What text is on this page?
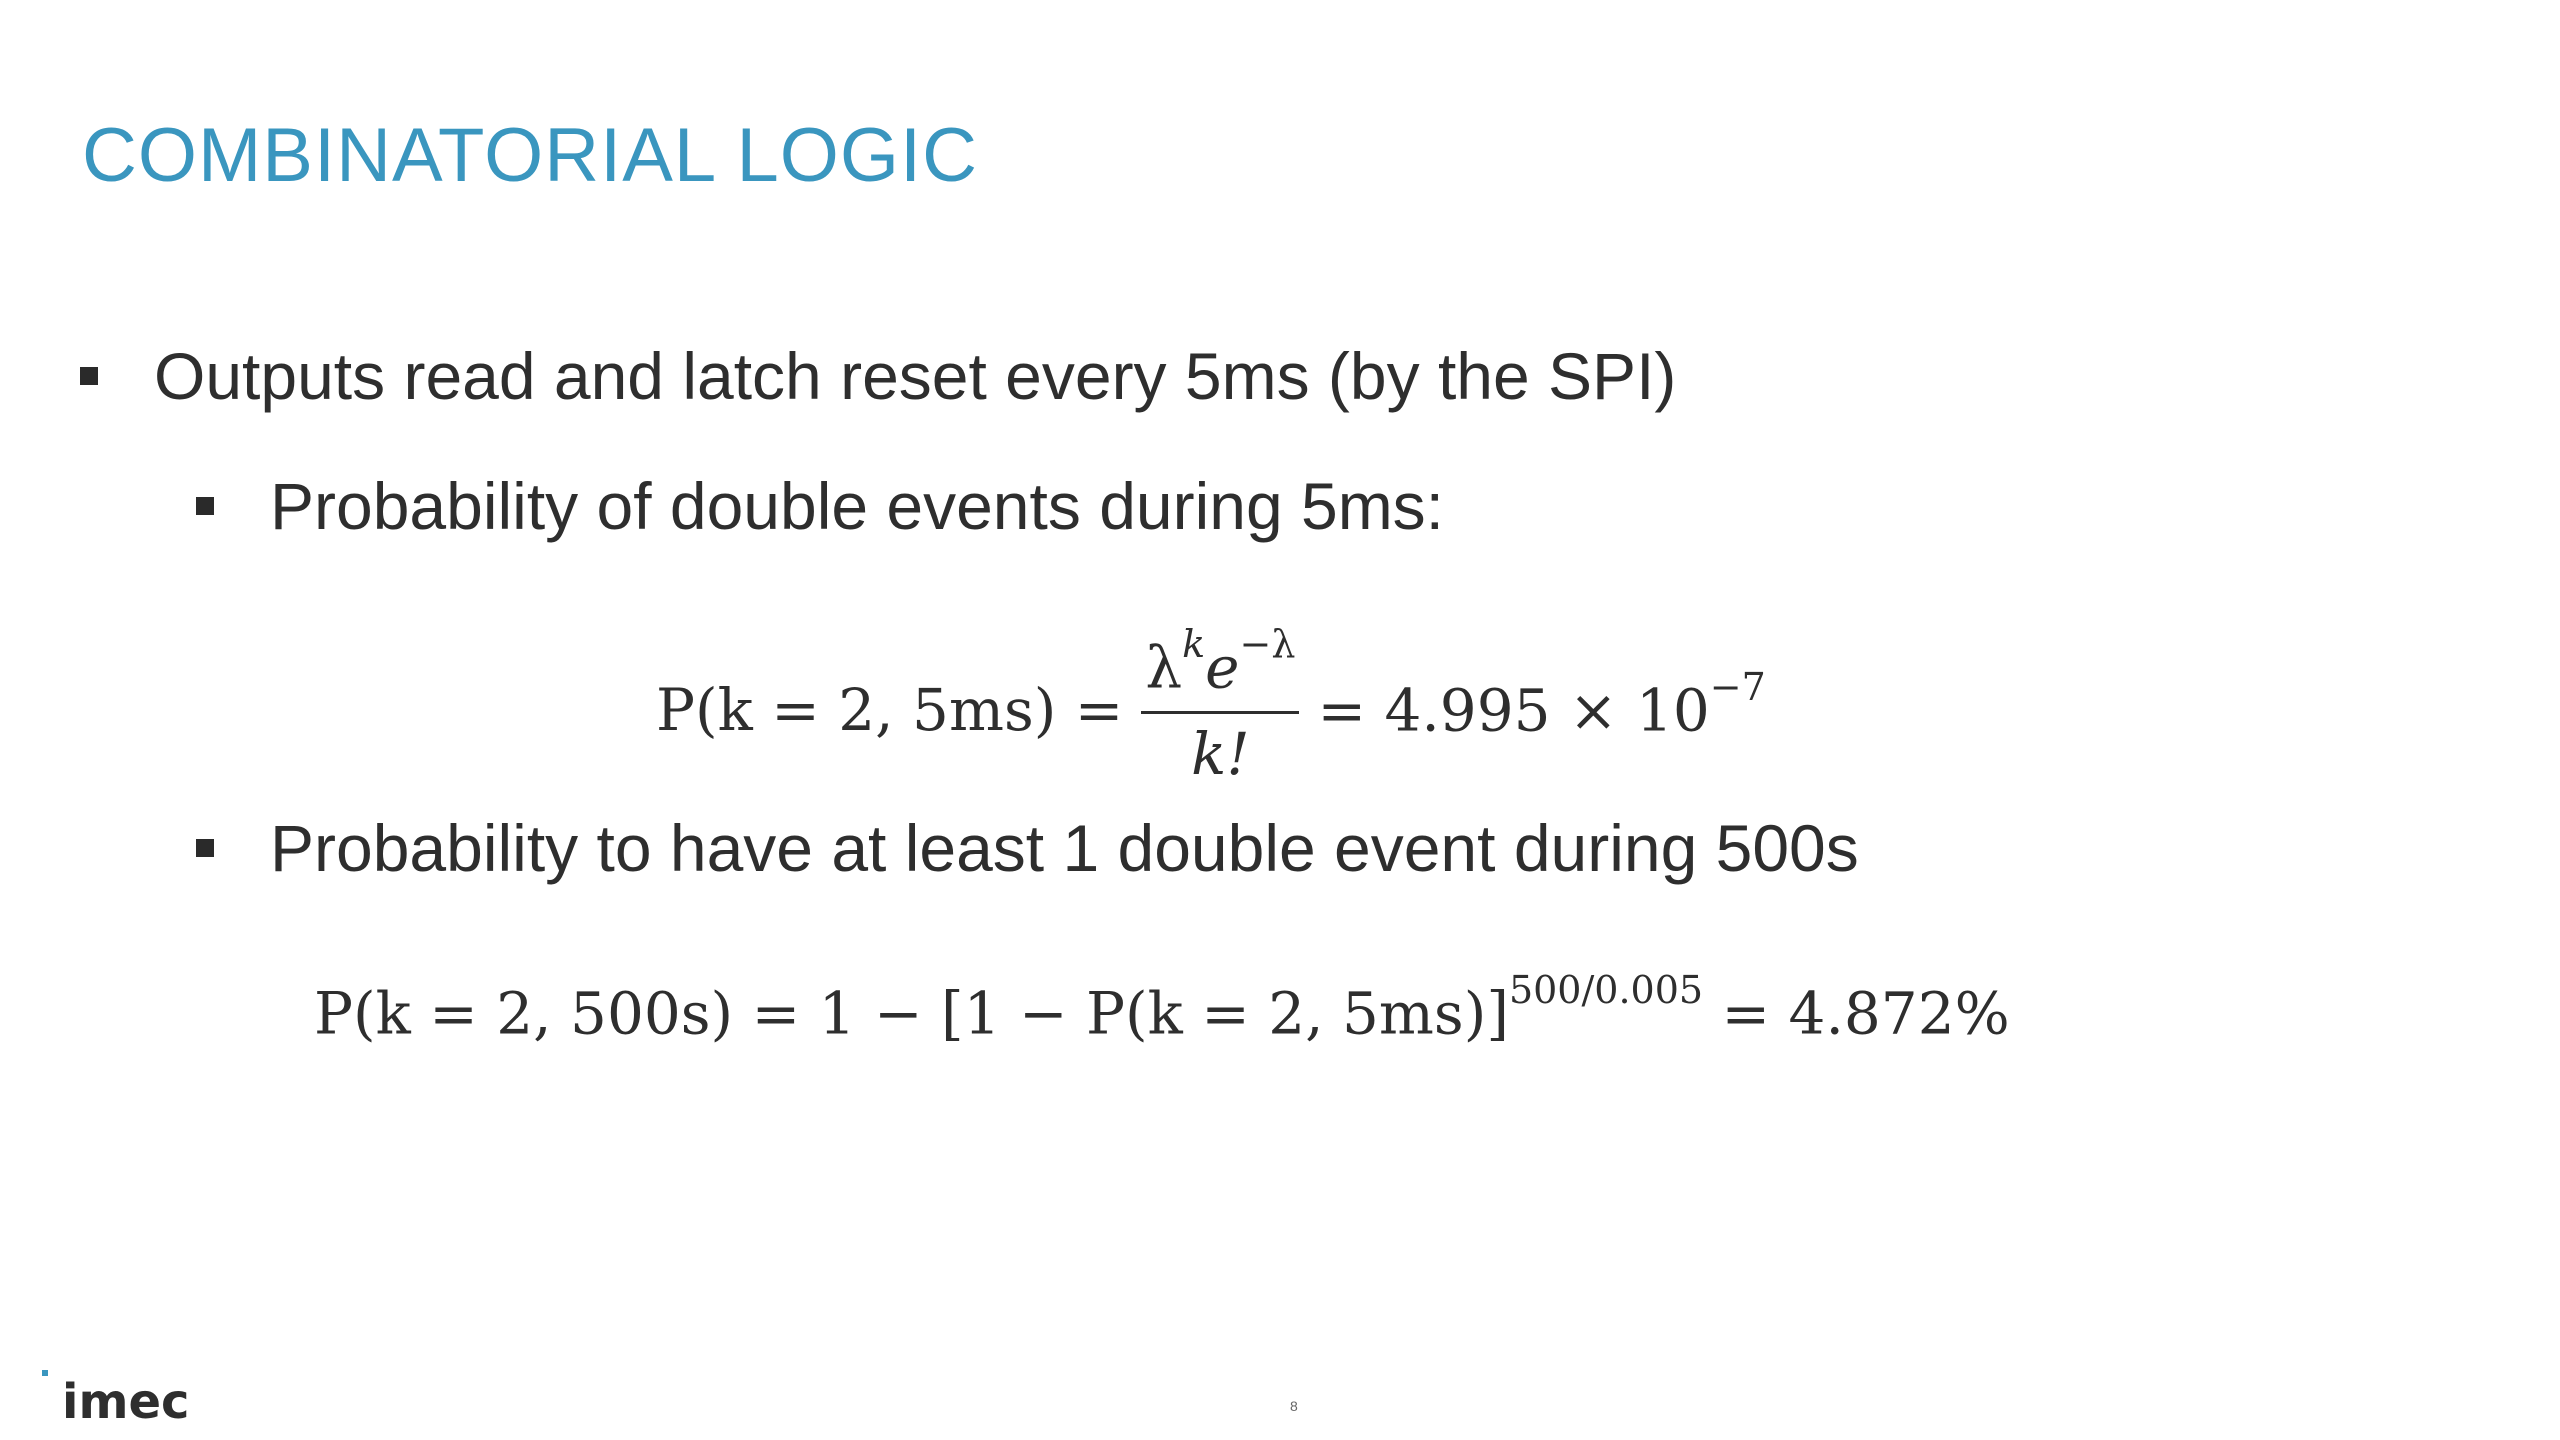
COMBINATORIAL LOGIC
Outputs read and latch reset every 5ms (by the SPI)
Probability of double events during 5ms:
P(k = 2, $5ms) = \frac{\lambda^ke^{-\lambda}}{k!} = 4.995 \times 10^{-7}$
Probability to have at least 1 double event during 500s
P(k = 2, 500s) = 1 − [1 − P(k = 2, 5ms)]$^{500/0.005}$ = 4.872%
imec	8
